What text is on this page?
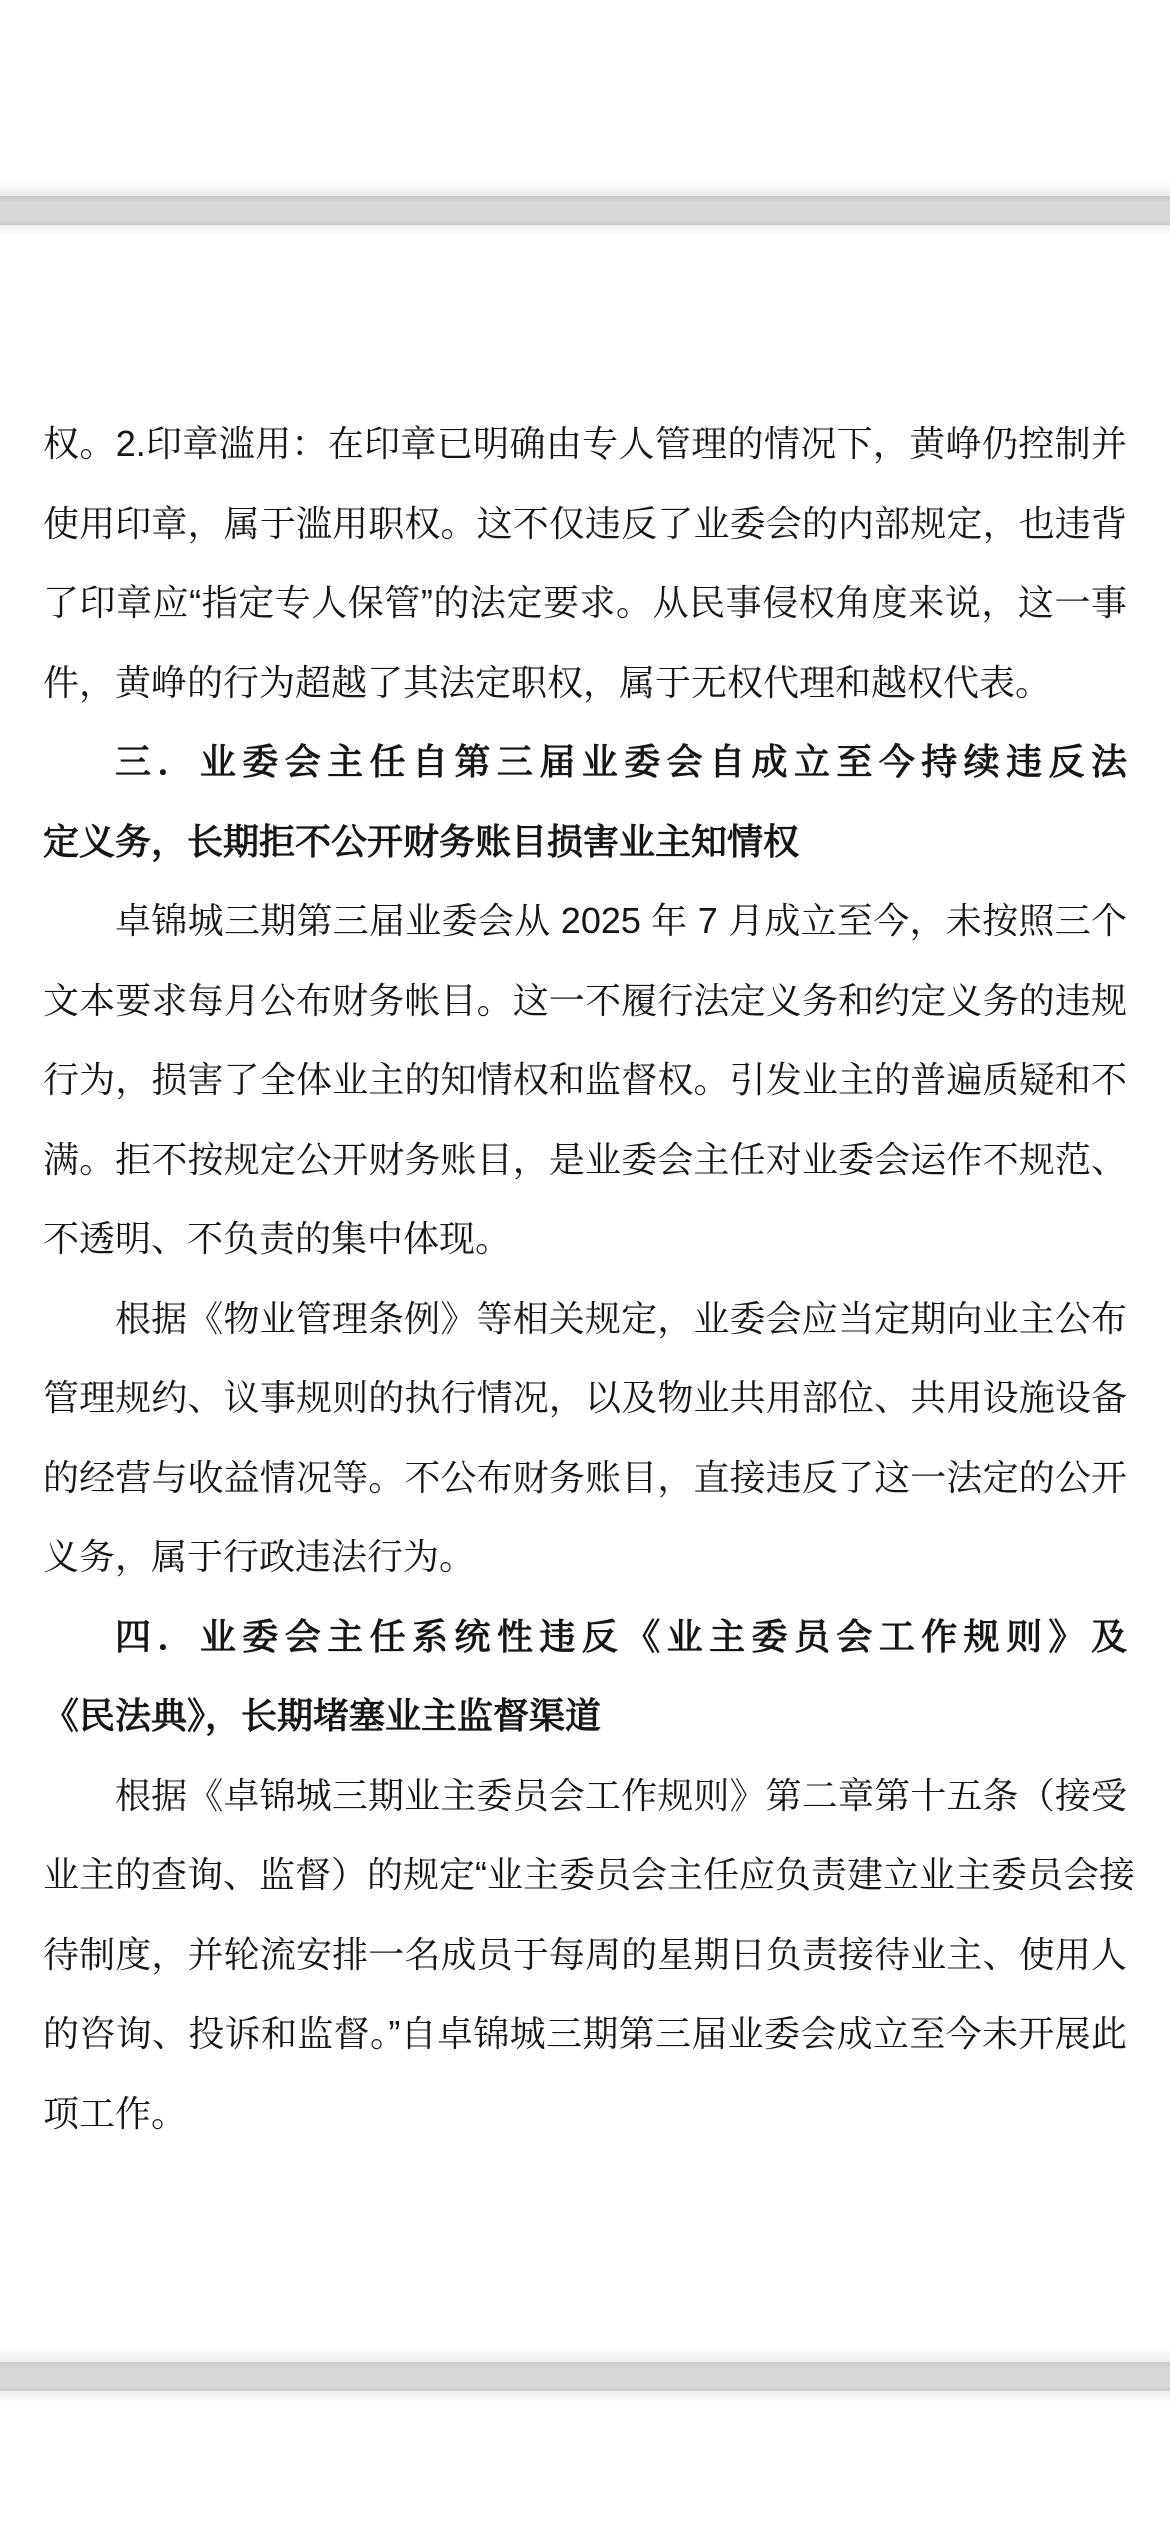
权。2.印章滥用：在印章已明确由专人管理的情况下，黄峥仍控制并
使用印章，属于滥用职权。这不仅违反了业委会的内部规定，也违背
了印章应“指定专人保管”的法定要求。从民事侵权角度来说，这一事
件，黄峥的行为超越了其法定职权，属于无权代理和越权代表。
三．业委会主任自第三届业委会自成立至今持续违反法
定义务，长期拒不公开财务账目损害业主知情权
卓锦城三期第三届业委会从 2025 年 7 月成立至今，未按照三个
文本要求每月公布财务帐目。这一不履行法定义务和约定义务的违规
行为，损害了全体业主的知情权和监督权。引发业主的普遍质疑和不
满。拒不按规定公开财务账目，是业委会主任对业委会运作不规范、
不透明、不负责的集中体现。
根据《物业管理条例》等相关规定，业委会应当定期向业主公布
管理规约、议事规则的执行情况，以及物业共用部位、共用设施设备
的经营与收益情况等。不公布财务账目，直接违反了这一法定的公开
义务，属于行政违法行为。
四．业委会主任系统性违反《业主委员会工作规则》及
《民法典》，长期堵塞业主监督渠道
根据《卓锦城三期业主委员会工作规则》第二章第十五条（接受
业主的查询、监督）的规定“业主委员会主任应负责建立业主委员会接
待制度，并轮流安排一名成员于每周的星期日负责接待业主、使用人
的咨询、投诉和监督。”自卓锦城三期第三届业委会成立至今未开展此
项工作。
